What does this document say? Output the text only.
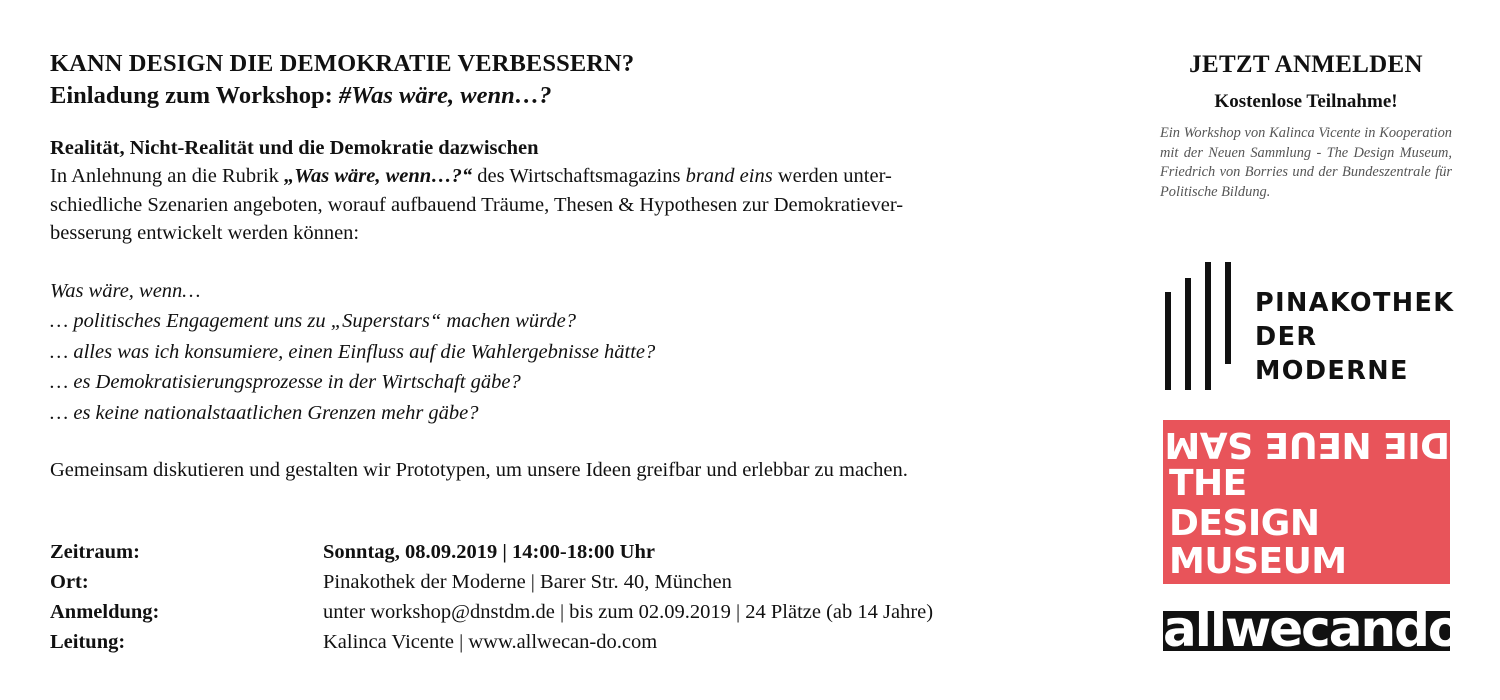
KANN DESIGN DIE DEMOKRATIE VERBESSERN?
Einladung zum Workshop: #Was wäre, wenn…?
Realität, Nicht-Realität und die Demokratie dazwischen
In Anlehnung an die Rubrik „Was wäre, wenn…?“ des Wirtschaftsmagazins brand eins werden unter-
schiedliche Szenarien angeboten, worauf aufbauend Träume, Thesen & Hypothesen zur Demokratiever-
besserung entwickelt werden können:
Was wäre, wenn…
… politisches Engagement uns zu „Superstars“ machen würde?
… alles was ich konsumiere, einen Einfluss auf die Wahlergebnisse hätte?
… es Demokratisierungsprozesse in der Wirtschaft gäbe?
… es keine nationalstaatlichen Grenzen mehr gäbe?
Gemeinsam diskutieren und gestalten wir Prototypen, um unsere Ideen greifbar und erlebbar zu machen.
Zeitraum:	Sonntag, 08.09.2019 | 14:00-18:00 Uhr
Ort:	Pinakothek der Moderne | Barer Str. 40, München
Anmeldung:	unter workshop@dnstdm.de | bis zum 02.09.2019 | 24 Plätze (ab 14 Jahre)
Leitung:	Kalinca Vicente | www.allwecan-do.com
JETZT ANMELDEN
Kostenlose Teilnahme!
Ein Workshop von Kalinca Vicente in Kooperation mit der Neuen Sammlung - The Design Museum, Friedrich von Borries und der Bundeszentrale für Politische Bildung.
PINAKOTHEK
DER
MODERNE
DIE NEUE SAMMLUNG
THE
DESIGN
MUSEUM
allwecando
